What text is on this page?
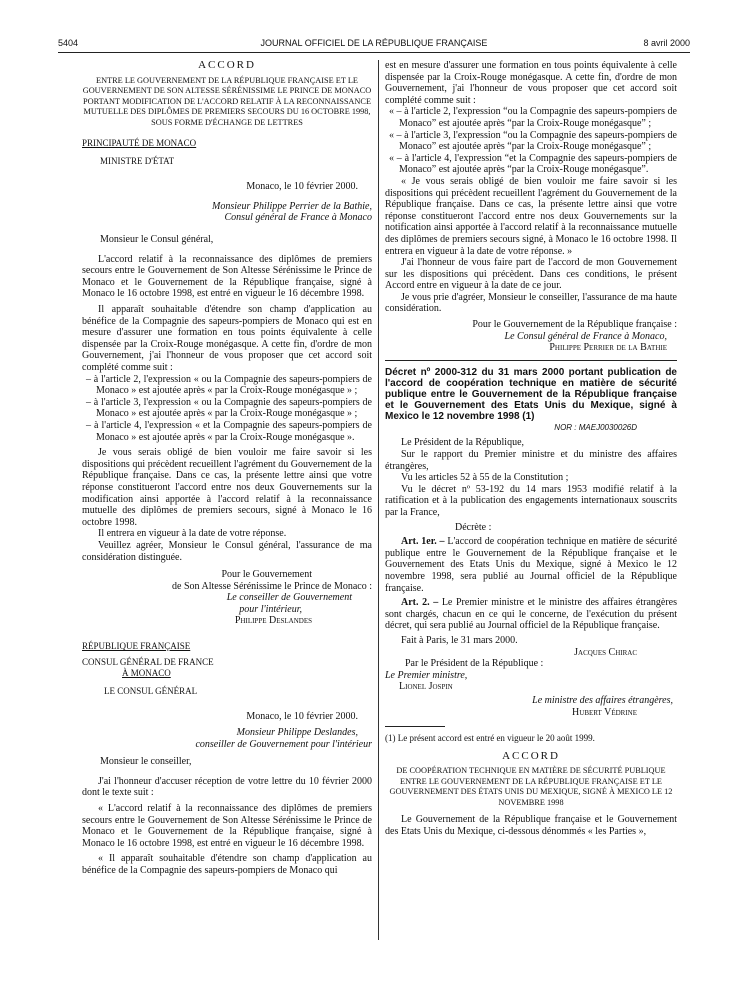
5404	JOURNAL OFFICIEL DE LA RÉPUBLIQUE FRANÇAISE	8 avril 2000

ACCORD

ENTRE LE GOUVERNEMENT DE LA RÉPUBLIQUE FRANÇAISE ET LE GOUVERNEMENT DE SON ALTESSE SÉRÉNISSIME LE PRINCE DE MONACO PORTANT MODIFICATION DE L'ACCORD RELATIF À LA RECONNAISSANCE MUTUELLE DES DIPLÔMES DE PREMIERS SECOURS DU 16 OCTOBRE 1998, SOUS FORME D'ÉCHANGE DE LETTRES

PRINCIPAUTÉ DE MONACO

MINISTRE D'ÉTAT

Monaco, le 10 février 2000.

Monsieur Philippe Perrier de la Bathie,

Consul général de France à Monaco

Monsieur le Consul général,

L'accord relatif à la reconnaissance des diplômes de premiers secours entre le Gouvernement de Son Altesse Sérénissime le Prince de Monaco et le Gouvernement de la République française, signé à Monaco le 16 octobre 1998, est entré en vigueur le 16 décembre 1998.

Il apparaît souhaitable d'étendre son champ d'application au bénéfice de la Compagnie des sapeurs-pompiers de Monaco qui est en mesure d'assurer une formation en tous points équivalente à celle dispensée par la Croix-Rouge monégasque. A cette fin, d'ordre de mon Gouvernement, j'ai l'honneur de vous proposer que cet accord soit complété comme suit :

– à l'article 2, l'expression « ou la Compagnie des sapeurs-pompiers de Monaco » est ajoutée après « par la Croix-Rouge monégasque » ;

– à l'article 3, l'expression « ou la Compagnie des sapeurs-pompiers de Monaco » est ajoutée après « par la Croix-Rouge monégasque » ;

– à l'article 4, l'expression « et la Compagnie des sapeurs-pompiers de Monaco » est ajoutée après « par la Croix-Rouge monégasque ».

Je vous serais obligé de bien vouloir me faire savoir si les dispositions qui précèdent recueillent l'agrément du Gouvernement de la République française. Dans ce cas, la présente lettre ainsi que votre réponse constitueront l'accord entre nos deux Gouvernements sur la modification ainsi apportée à l'accord relatif à la reconnaissance mutuelle des diplômes de premiers secours, signé à Monaco le 16 octobre 1998.

Il entrera en vigueur à la date de votre réponse.

Veuillez agréer, Monsieur le Consul général, l'assurance de ma considération distinguée.

Pour le Gouvernement

de Son Altesse Sérénissime le Prince de Monaco :

Le conseiller de Gouvernement

pour l'intérieur,

Philippe Deslandes

RÉPUBLIQUE FRANÇAISE

CONSUL GÉNÉRAL DE FRANCE

À MONACO

LE CONSUL GÉNÉRAL

Monaco, le 10 février 2000.

Monsieur Philippe Deslandes,

conseiller de Gouvernement pour l'intérieur

Monsieur le conseiller,

J'ai l'honneur d'accuser réception de votre lettre du 10 février 2000 dont le texte suit :

« L'accord relatif à la reconnaissance des diplômes de premiers secours entre le Gouvernement de Son Altesse Sérénissime le Prince de Monaco et le Gouvernement de la République française, signé à Monaco le 16 octobre 1998, est entré en vigueur le 16 décembre 1998.

« Il apparaît souhaitable d'étendre son champ d'application au bénéfice de la Compagnie des sapeurs-pompiers de Monaco qui

est en mesure d'assurer une formation en tous points équivalente à celle dispensée par la Croix-Rouge monégasque. A cette fin, d'ordre de mon Gouvernement, j'ai l'honneur de vous proposer que cet accord soit complété comme suit :

« – à l'article 2, l'expression “ou la Compagnie des sapeurs-pompiers de Monaco” est ajoutée après “par la Croix-Rouge monégasque” ;

« – à l'article 3, l'expression “ou la Compagnie des sapeurs-pompiers de Monaco” est ajoutée après “par la Croix-Rouge monégasque” ;

« – à l'article 4, l'expression “et la Compagnie des sapeurs-pompiers de Monaco” est ajoutée après “par la Croix-Rouge monégasque”.

« Je vous serais obligé de bien vouloir me faire savoir si les dispositions qui précèdent recueillent l'agrément du Gouvernement de la République française. Dans ce cas, la présente lettre ainsi que votre réponse constitueront l'accord entre nos deux Gouvernements sur la notification ainsi apportée à l'accord relatif à la reconnaissance mutuelle des diplômes de premiers secours signé, à Monaco le 16 octobre 1998. Il entrera en vigueur à la date de votre réponse. »

J'ai l'honneur de vous faire part de l'accord de mon Gouvernement sur les dispositions qui précèdent. Dans ces conditions, le présent Accord entre en vigueur à la date de ce jour.

Je vous prie d'agréer, Monsieur le conseiller, l'assurance de ma haute considération.

Pour le Gouvernement de la République française :

Le Consul général de France à Monaco,

Philippe Perrier de la Bathie

Décret nº 2000-312 du 31 mars 2000 portant publication de l'accord de coopération technique en matière de sécurité publique entre le Gouvernement de la République française et le Gouvernement des Etats Unis du Mexique, signé à Mexico le 12 novembre 1998 (1)

NOR : MAEJ0030026D

Le Président de la République,

Sur le rapport du Premier ministre et du ministre des affaires étrangères,

Vu les articles 52 à 55 de la Constitution ;

Vu le décret nº 53-192 du 14 mars 1953 modifié relatif à la ratification et à la publication des engagements internationaux souscrits par la France,

Décrète :

Art. 1er. – L'accord de coopération technique en matière de sécurité publique entre le Gouvernement de la République française et le Gouvernement des Etats Unis du Mexique, signé à Mexico le 12 novembre 1998, sera publié au Journal officiel de la République française.

Art. 2. – Le Premier ministre et le ministre des affaires étrangères sont chargés, chacun en ce qui le concerne, de l'exécution du présent décret, qui sera publié au Journal officiel de la République française.

Fait à Paris, le 31 mars 2000.

Jacques Chirac

Par le Président de la République :

Le Premier ministre,

Lionel Jospin

Le ministre des affaires étrangères,

Hubert Védrine

(1) Le présent accord est entré en vigueur le 20 août 1999.

ACCORD

DE COOPÉRATION TECHNIQUE EN MATIÈRE DE SÉCURITÉ PUBLIQUE ENTRE LE GOUVERNEMENT DE LA RÉPUBLIQUE FRANÇAISE ET LE GOUVERNEMENT DES ÉTATS UNIS DU MEXIQUE, SIGNÉ À MEXICO LE 12 NOVEMBRE 1998

Le Gouvernement de la République française et le Gouvernement des Etats Unis du Mexique, ci-dessous dénommés « les Parties »,
